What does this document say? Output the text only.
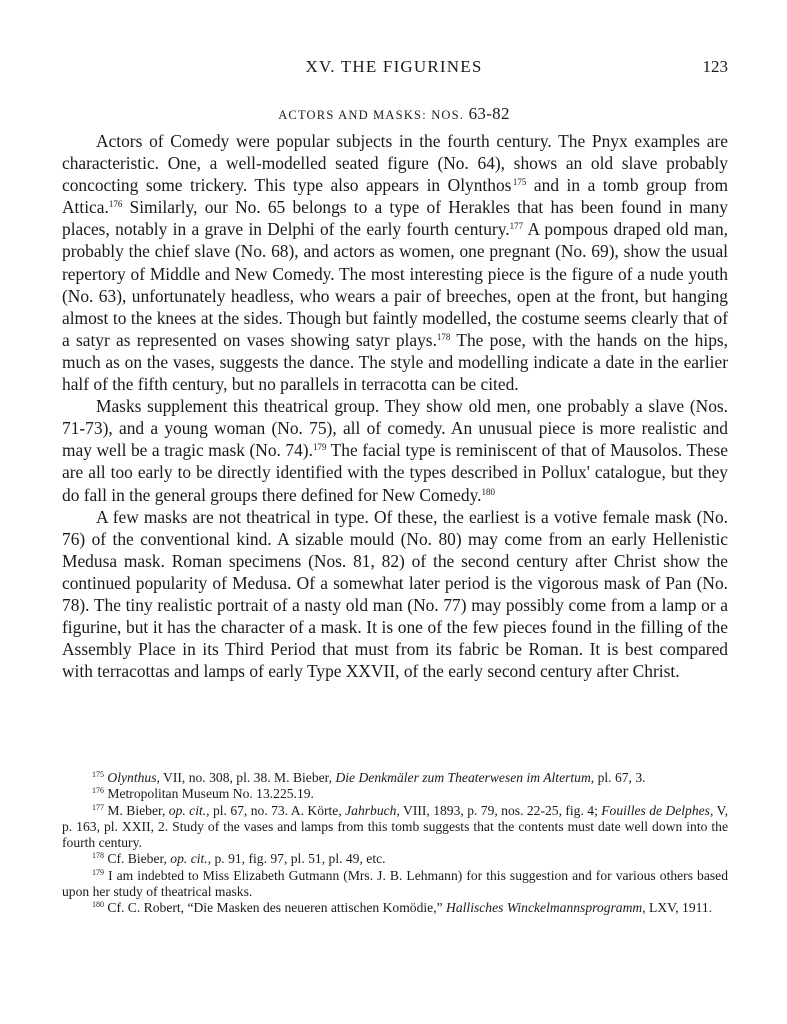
XV. THE FIGURINES	123
ACTORS AND MASKS: NOS. 63-82

Actors of Comedy were popular subjects in the fourth century. The Pnyx examples are characteristic. One, a well-modelled seated figure (No. 64), shows an old slave probably concocting some trickery. This type also appears in Olynthos $^{175}$ and in a tomb group from Attica.$^{176}$ Similarly, our No. 65 belongs to a type of Herakles that has been found in many places, notably in a grave in Delphi of the early fourth century.$^{177}$ A pompous draped old man, probably the chief slave (No. 68), and actors as women, one pregnant (No. 69), show the usual repertory of Middle and New Comedy. The most interesting piece is the figure of a nude youth (No. 63), unfortunately headless, who wears a pair of breeches, open at the front, but hanging almost to the knees at the sides. Though but faintly modelled, the costume seems clearly that of a satyr as represented on vases showing satyr plays.$^{178}$ The pose, with the hands on the hips, much as on the vases, suggests the dance. The style and modelling indicate a date in the earlier half of the fifth century, but no parallels in terracotta can be cited.

Masks supplement this theatrical group. They show old men, one probably a slave (Nos. 71-73), and a young woman (No. 75), all of comedy. An unusual piece is more realistic and may well be a tragic mask (No. 74).$^{179}$ The facial type is reminiscent of that of Mausolos. These are all too early to be directly identified with the types described in Pollux' catalogue, but they do fall in the general groups there defined for New Comedy.$^{180}$

A few masks are not theatrical in type. Of these, the earliest is a votive female mask (No. 76) of the conventional kind. A sizable mould (No. 80) may come from an early Hellenistic Medusa mask. Roman specimens (Nos. 81, 82) of the second century after Christ show the continued popularity of Medusa. Of a somewhat later period is the vigorous mask of Pan (No. 78). The tiny realistic portrait of a nasty old man (No. 77) may possibly come from a lamp or a figurine, but it has the character of a mask. It is one of the few pieces found in the filling of the Assembly Place in its Third Period that must from its fabric be Roman. It is best compared with terracottas and lamps of early Type XXVII, of the early second century after Christ.

$^{175}$ Olynthus, VII, no. 308, pl. 38. M. Bieber, Die Denkmäler zum Theaterwesen im Altertum, pl. 67, 3.

$^{176}$ Metropolitan Museum No. 13.225.19.

$^{177}$ M. Bieber, op. cit., pl. 67, no. 73. A. Körte, Jahrbuch, VIII, 1893, p. 79, nos. 22-25, fig. 4; Fouilles de Delphes, V, p. 163, pl. XXII, 2. Study of the vases and lamps from this tomb suggests that the contents must date well down into the fourth century.

$^{178}$ Cf. Bieber, op. cit., p. 91, fig. 97, pl. 51, pl. 49, etc.

$^{179}$ I am indebted to Miss Elizabeth Gutmann (Mrs. J. B. Lehmann) for this suggestion and for various others based upon her study of theatrical masks.

$^{180}$ Cf. C. Robert, “Die Masken des neueren attischen Komödie,” Hallisches Winckelmannsprogramm, LXV, 1911.
